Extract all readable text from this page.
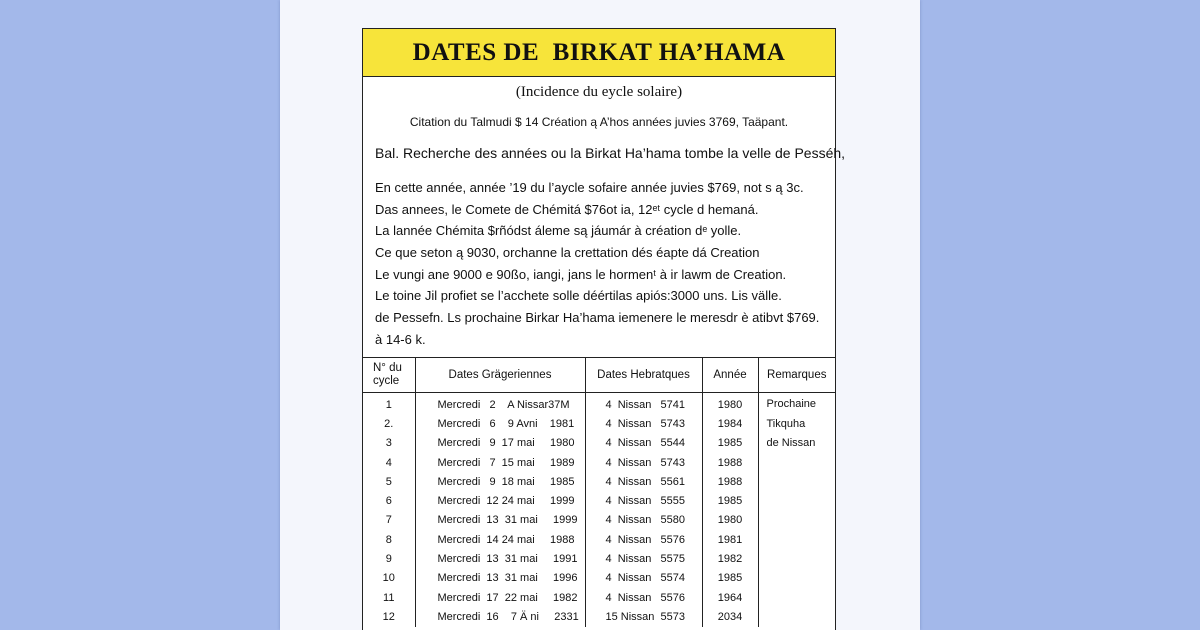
DATES DE  BIRKAT HA’HAMA
(Incidence du eycle solaire)
Citation du Talmudi $ 14 Création ą A’hos années juvies 3769, Taäpant.
Bal. Recherche des années ou la Birkat Ha’hama tombe la velle de Pesséh,
En cette année, année ’19 du l’aycle sofaire année juvies $769, not s ą 3c.
Das annees, le Comete de Chémitá $76ot ia, 12ᵉᵗ cycle d hemaná.
La lannée Chémita $rñódst áleme są jáumár à création dᵉ yolle.
Ce que seton ą 9030, orchanne la crettation dés éapte dá Creation
Le vungi ane 9000 e 90ßo, iangi, jans le hormenᵗ à ir lawm de Creation.
Le toine Jil profiet se l’acchete solle déértilas apiós:3000 uns. Lis välle.
de Pessefn. Ls prochaine Birkar Ha’hama iemenere le meresdr è atibvt $769.
à 14-6 k.
N° du
cycle	Dates Grägeriennes	Dates Hebratques	Année	Remarques
1	Mercredi   2    A Nissar37M	4  Nissan   5741	1980	Prochaine
Tikquha
de Nissan
2.	Mercredi   6    9 Avni    1981	4  Nissan   5743	1984	
3	Mercredi   9  17 mai     1980	4  Nissan   5544	1985	
4	Mercredi   7  15 mai     1989	4  Nissan   5743	1988	
5	Mercredi   9  18 mai     1985	4  Nissan   5561	1988	
6	Mercredi  12 24 mai     1999	4  Nissan   5555	1985	
7	Mercredi  13  31 mai     1999	4  Nissan   5580	1980	
8	Mercredi  14 24 mai     1988	4  Nissan   5576	1981	
9	Mercredi  13  31 mai     1991	4  Nissan   5575	1982	
10	Mercredi  13  31 mai     1996	4  Nissan   5574	1985	
11	Mercredi  17  22 mai     1982	4  Nissan   5576	1964	
12	Mercredi  16    7 Ä ni     2331	15 Nissan  5573	2034	
